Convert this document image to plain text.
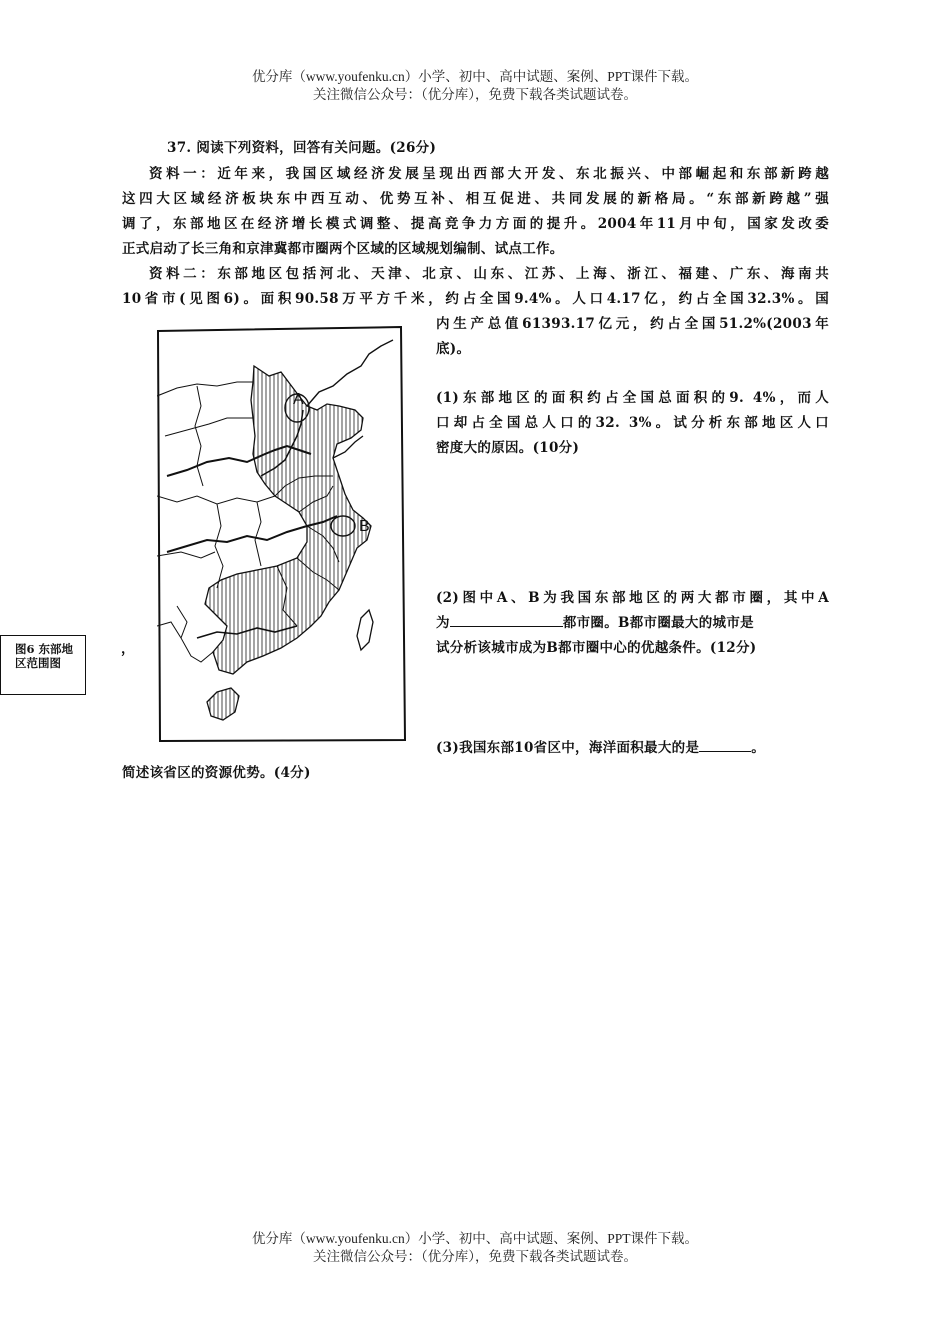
优分库（www.youfenku.cn）小学、初中、高中试题、案例、PPT课件下载。
关注微信公众号：（优分库），免费下载各类试题试卷。
37. 阅读下列资料，回答有关问题。(26分)
资料一：近年来，我国区域经济发展呈现出西部大开发、东北振兴、中部崛起和东部新跨越
这四大区域经济板块东中西互动、优势互补、相互促进、共同发展的新格局。“东部新跨越”强
调了，东部地区在经济增长模式调整、提高竞争力方面的提升。2004年11月中旬，国家发改委
正式启动了长三角和京津冀都市圈两个区域的区域规划编制、试点工作。
资料二：东部地区包括河北、天津、北京、山东、江苏、上海、浙江、福建、广东、海南共
10省市(见图6)。面积90.58万平方千米，约占全国9.4%。人口4.17亿，约占全国32.3%。国
内生产总值61393.17亿元，约占全国51.2%(2003年
底)。
(1)东部地区的面积约占全国总面积的9. 4%，而人
口却占全国总人口的32. 3%。试分析东部地区人口
密度大的原因。(10分)
(2)图中A、B为我国东部地区的两大都市圈，其中A
为	都市圈。B都市圈最大的城市是
试分析该城市成为B都市圈中心的优越条件。(12分)
，
(3)我国东部10省区中，海洋面积最大的是	。
简述该省区的资源优势。(4分)
图6 东部地区范围图
A
B
优分库（www.youfenku.cn）小学、初中、高中试题、案例、PPT课件下载。
关注微信公众号：（优分库），免费下载各类试题试卷。
